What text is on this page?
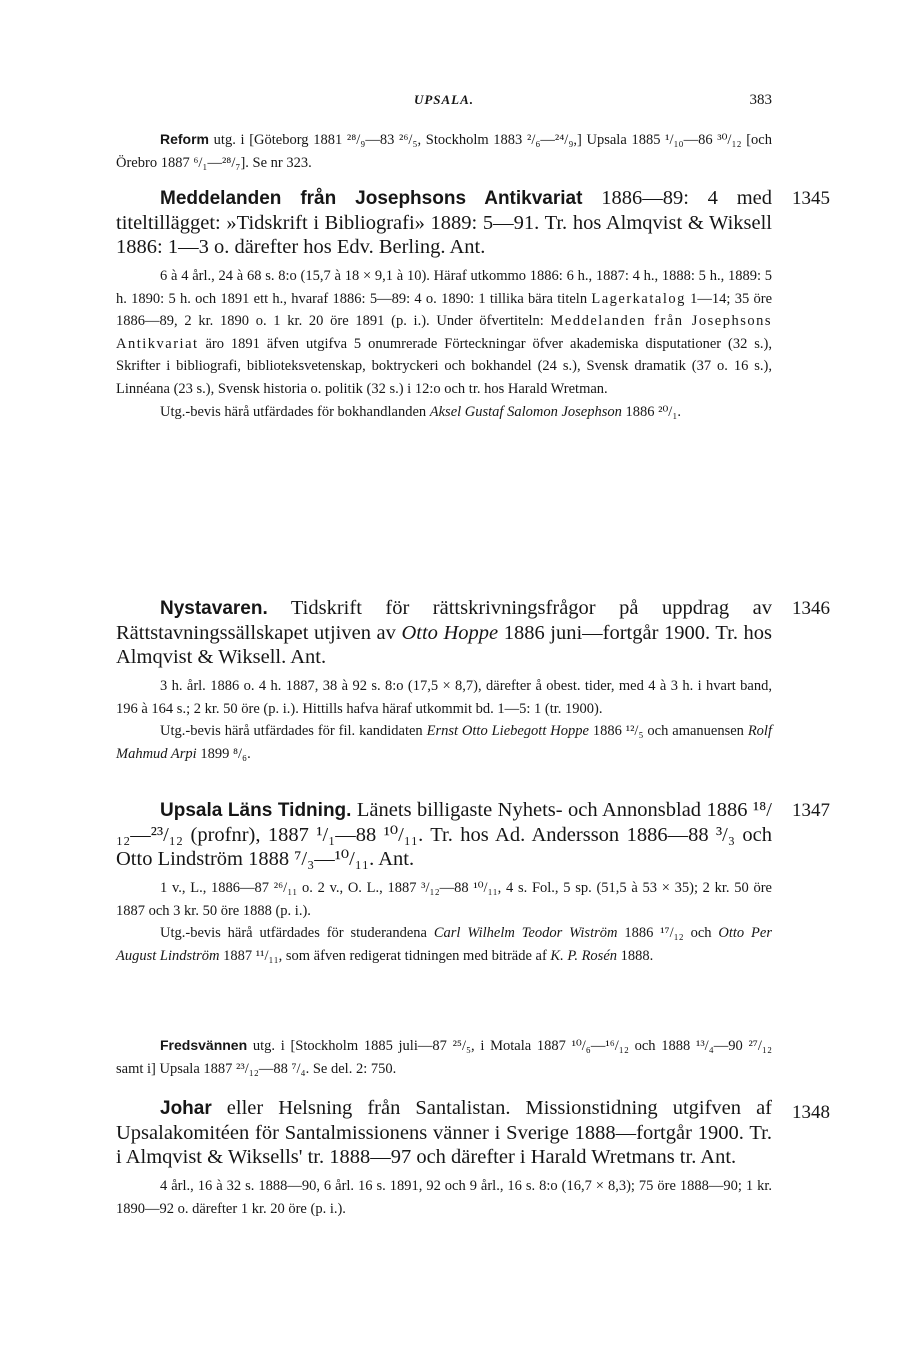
UPSALA.	383

Reform utg. i [Göteborg 1881 ²⁸/₉—83 ²⁶/₅, Stockholm 1883 ²/₆—²⁴/₉,] Upsala 1885 ¹/₁₀—86 ³⁰/₁₂ [och Örebro 1887 ⁶/₁—²⁸/₇]. Se nr 323.

1345

Meddelanden från Josephsons Antikvariat 1886—89: 4 med titeltillägget: »Tidskrift i Bibliografi» 1889: 5—91. Tr. hos Almqvist & Wiksell 1886: 1—3 o. därefter hos Edv. Berling. Ant.

6 à 4 årl., 24 à 68 s. 8:o (15,7 à 18 × 9,1 à 10). Häraf utkommo 1886: 6 h., 1887: 4 h., 1888: 5 h., 1889: 5 h. 1890: 5 h. och 1891 ett h., hvaraf 1886: 5—89: 4 o. 1890: 1 tillika bära titeln Lagerkatalog 1—14; 35 öre 1886—89, 2 kr. 1890 o. 1 kr. 20 öre 1891 (p. i.). Under öfvertiteln: Meddelanden från Josephsons Antikvariat äro 1891 äfven utgifva 5 onumrerade Förteckningar öfver akademiska disputationer (32 s.), Skrifter i bibliografi, biblioteksvetenskap, boktryckeri och bokhandel (24 s.), Svensk dramatik (37 o. 16 s.), Linnéana (23 s.), Svensk historia o. politik (32 s.) i 12:o och tr. hos Harald Wretman.

Utg.-bevis härå utfärdades för bokhandlanden Aksel Gustaf Salomon Josephson 1886 ²⁰/₁.

1346

Nystavaren. Tidskrift för rättskrivningsfrågor på uppdrag av Rättstavningssällskapet utjiven av Otto Hoppe 1886 juni—fortgår 1900. Tr. hos Almqvist & Wiksell. Ant.

3 h. årl. 1886 o. 4 h. 1887, 38 à 92 s. 8:o (17,5 × 8,7), därefter å obest. tider, med 4 à 3 h. i hvart band, 196 à 164 s.; 2 kr. 50 öre (p. i.). Hittills hafva häraf utkommit bd. 1—5: 1 (tr. 1900).

Utg.-bevis härå utfärdades för fil. kandidaten Ernst Otto Liebegott Hoppe 1886 ¹²/₅ och amanuensen Rolf Mahmud Arpi 1899 ⁸/₆.

1347

Upsala Läns Tidning. Länets billigaste Nyhets- och Annonsblad 1886 ¹⁸/₁₂—²³/₁₂ (profnr), 1887 ¹/₁—88 ¹⁰/₁₁. Tr. hos Ad. Andersson 1886—88 ³/₃ och Otto Lindström 1888 ⁷/₃—¹⁰/₁₁. Ant.

1 v., L., 1886—87 ²⁶/₁₁ o. 2 v., O. L., 1887 ³/₁₂—88 ¹⁰/₁₁, 4 s. Fol., 5 sp. (51,5 à 53 × 35); 2 kr. 50 öre 1887 och 3 kr. 50 öre 1888 (p. i.).

Utg.-bevis härå utfärdades för studerandena Carl Wilhelm Teodor Wiström 1886 ¹⁷/₁₂ och Otto Per August Lindström 1887 ¹¹/₁₁, som äfven redigerat tidningen med biträde af K. P. Rosén 1888.

Fredsvännen utg. i [Stockholm 1885 juli—87 ²⁵/₅, i Motala 1887 ¹⁰/₆—¹⁶/₁₂ och 1888 ¹³/₄—90 ²⁷/₁₂ samt i] Upsala 1887 ²³/₁₂—88 ⁷/₄. Se del. 2: 750.

1348

Johar eller Helsning från Santalistan. Missionstidning utgifven af Upsalakomitéen för Santalmissionens vänner i Sverige 1888—fortgår 1900. Tr. i Almqvist & Wiksells' tr. 1888—97 och därefter i Harald Wretmans tr. Ant.

4 årl., 16 à 32 s. 1888—90, 6 årl. 16 s. 1891, 92 och 9 årl., 16 s. 8:o (16,7 × 8,3); 75 öre 1888—90; 1 kr. 1890—92 o. därefter 1 kr. 20 öre (p. i.).
